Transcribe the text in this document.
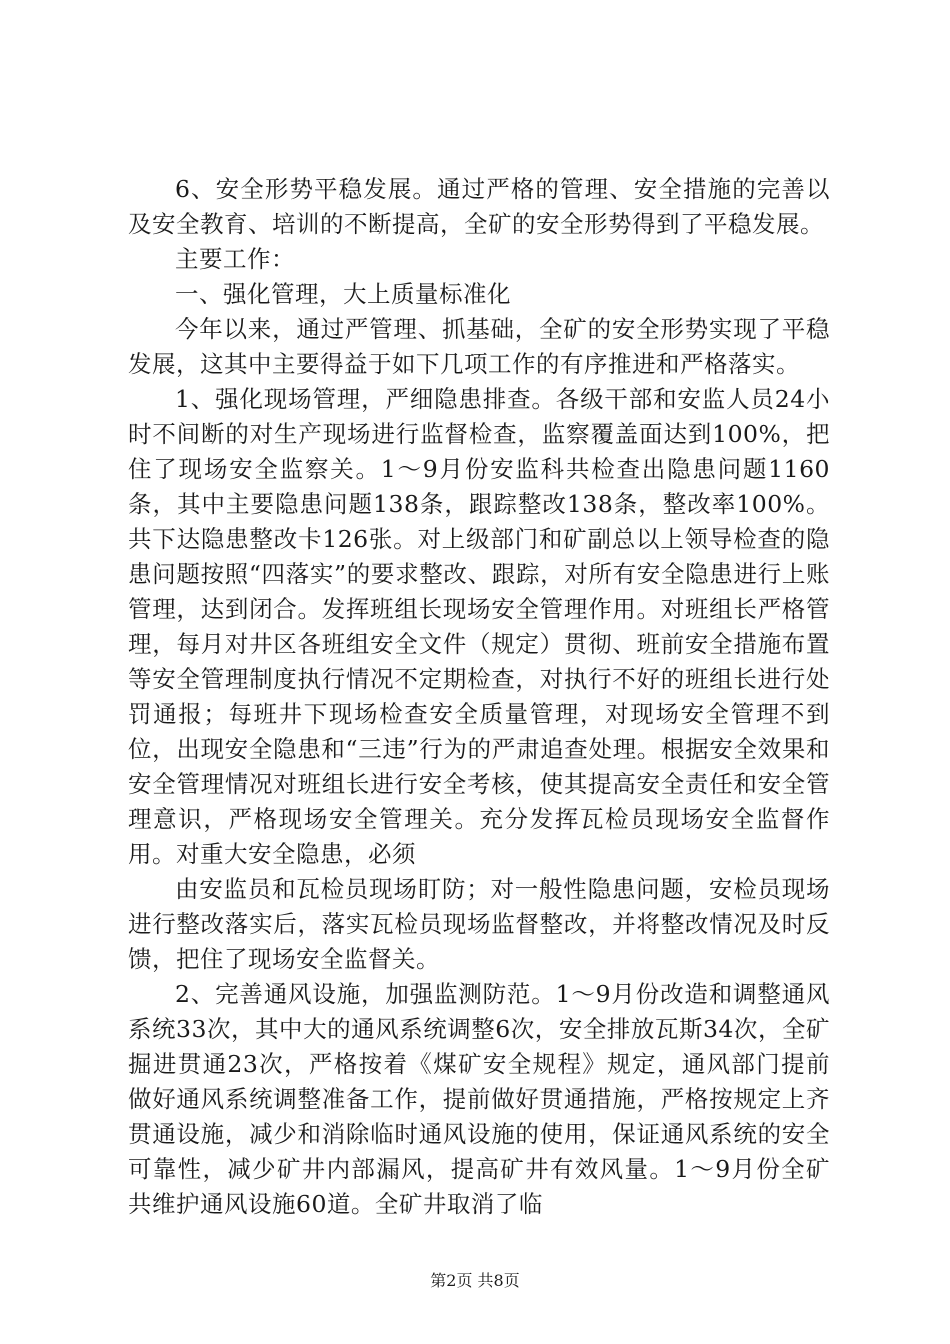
6、安全形势平稳发展。通过严格的管理、安全措施的完善以及安全教育、培训的不断提高，全矿的安全形势得到了平稳发展。

主要工作：

一、强化管理，大上质量标准化

今年以来，通过严管理、抓基础，全矿的安全形势实现了平稳发展，这其中主要得益于如下几项工作的有序推进和严格落实。

1、强化现场管理，严细隐患排查。各级干部和安监人员24小时不间断的对生产现场进行监督检查，监察覆盖面达到100%，把住了现场安全监察关。1～9月份安监科共检查出隐患问题1160条，其中主要隐患问题138条，跟踪整改138条，整改率100%。共下达隐患整改卡126张。对上级部门和矿副总以上领导检查的隐患问题按照“四落实”的要求整改、跟踪，对所有安全隐患进行上账管理，达到闭合。发挥班组长现场安全管理作用。对班组长严格管理，每月对井区各班组安全文件（规定）贯彻、班前安全措施布置等安全管理制度执行情况不定期检查，对执行不好的班组长进行处罚通报；每班井下现场检查安全质量管理，对现场安全管理不到位，出现安全隐患和“三违”行为的严肃追查处理。根据安全效果和安全管理情况对班组长进行安全考核，使其提高安全责任和安全管理意识，严格现场安全管理关。充分发挥瓦检员现场安全监督作用。对重大安全隐患，必须

由安监员和瓦检员现场盯防；对一般性隐患问题，安检员现场进行整改落实后，落实瓦检员现场监督整改，并将整改情况及时反馈，把住了现场安全监督关。

2、完善通风设施，加强监测防范。1～9月份改造和调整通风系统33次，其中大的通风系统调整6次，安全排放瓦斯34次，全矿掘进贯通23次，严格按着《煤矿安全规程》规定，通风部门提前做好通风系统调整准备工作，提前做好贯通措施，严格按规定上齐贯通设施，减少和消除临时通风设施的使用，保证通风系统的安全可靠性，减少矿井内部漏风，提高矿井有效风量。1～9月份全矿共维护通风设施60道。全矿井取消了临

第2页 共8页
